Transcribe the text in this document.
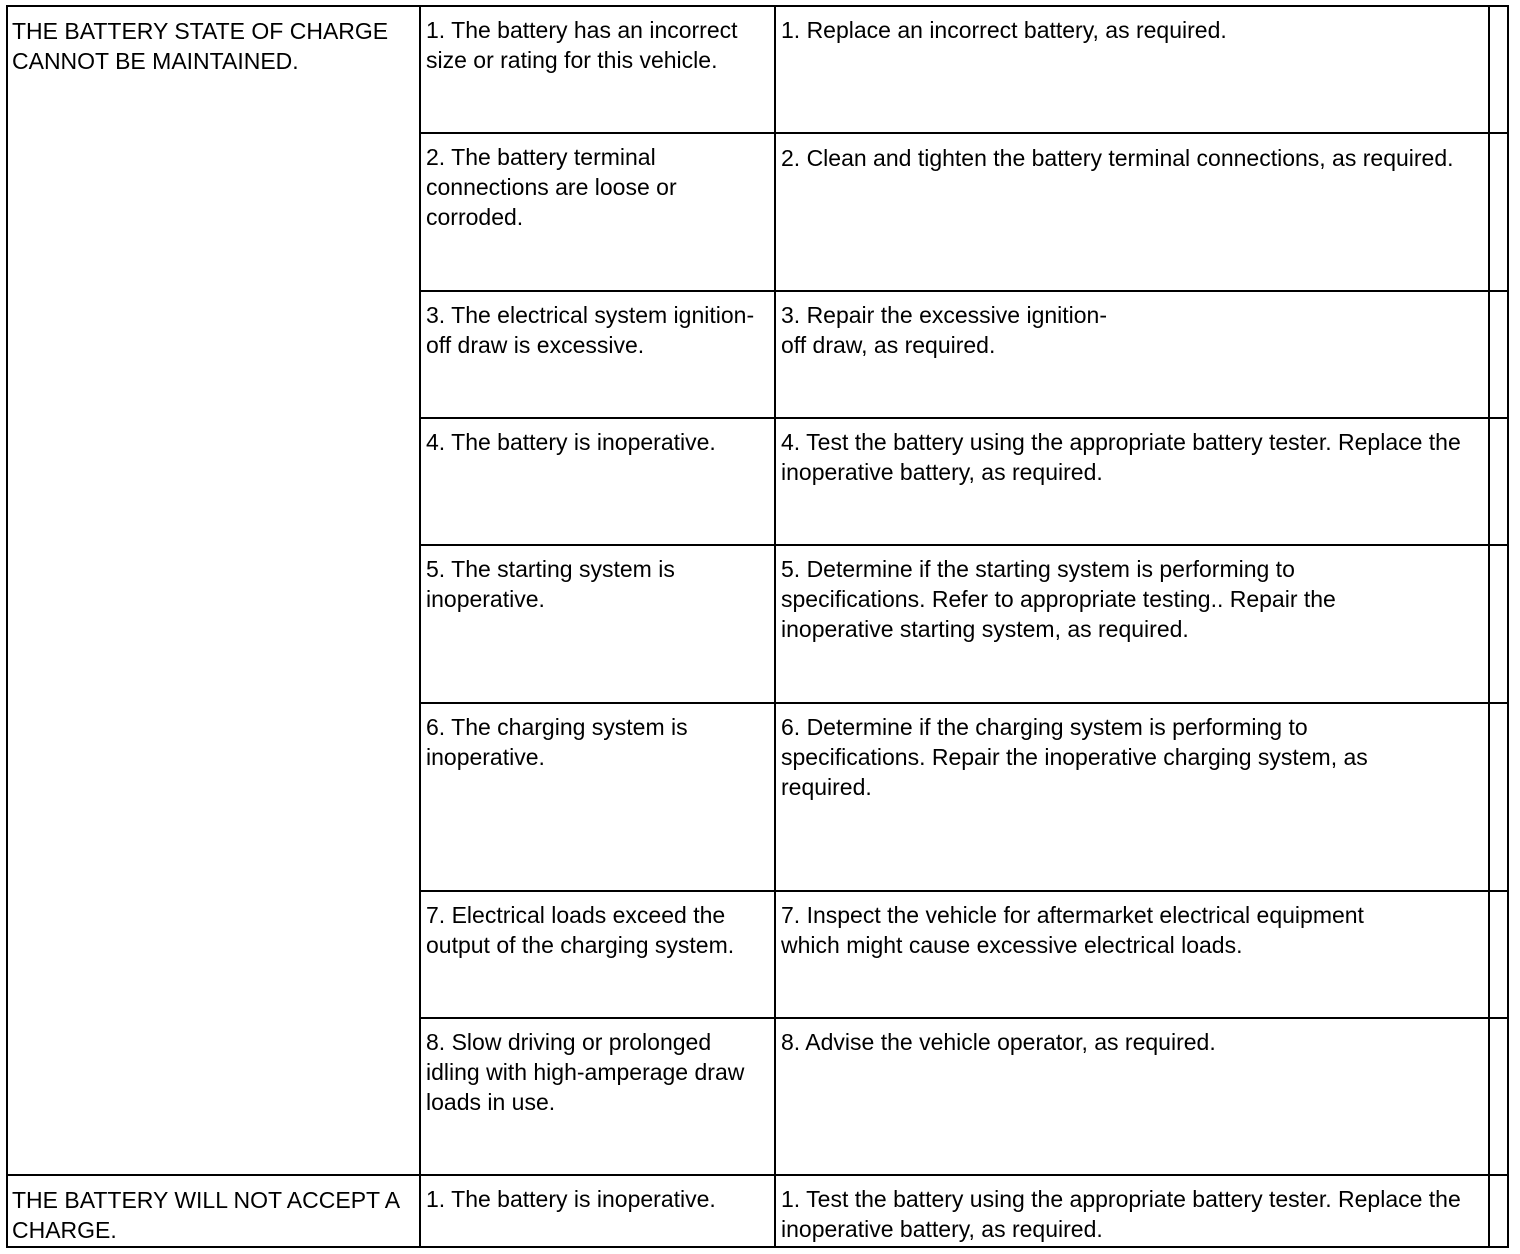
THE BATTERY STATE OF CHARGE CANNOT BE MAINTAINED.	1. The battery has an incorrect size or rating for this vehicle.	1. Replace an incorrect battery, as required.	
	2. The battery terminal connections are loose or corroded.	2. Clean and tighten the battery terminal connections, as required.	
	3. The electrical system ignition-off draw is excessive.	3. Repair the excessive ignition-off draw, as required.	
	4. The battery is inoperative.	4. Test the battery using the appropriate battery tester. Replace the inoperative battery, as required.	
	5. The starting system is inoperative.	5. Determine if the starting system is performing to specifications. Refer to appropriate testing.. Repair the inoperative starting system, as required.	
	6. The charging system is inoperative.	6. Determine if the charging system is performing to specifications. Repair the inoperative charging system, as required.	
	7. Electrical loads exceed the output of the charging system.	7. Inspect the vehicle for aftermarket electrical equipment which might cause excessive electrical loads.	
	8. Slow driving or prolonged idling with high-amperage draw loads in use.	8. Advise the vehicle operator, as required.	
THE BATTERY WILL NOT ACCEPT A CHARGE.	1. The battery is inoperative.	1. Test the battery using the appropriate battery tester. Replace the inoperative battery, as required.	
